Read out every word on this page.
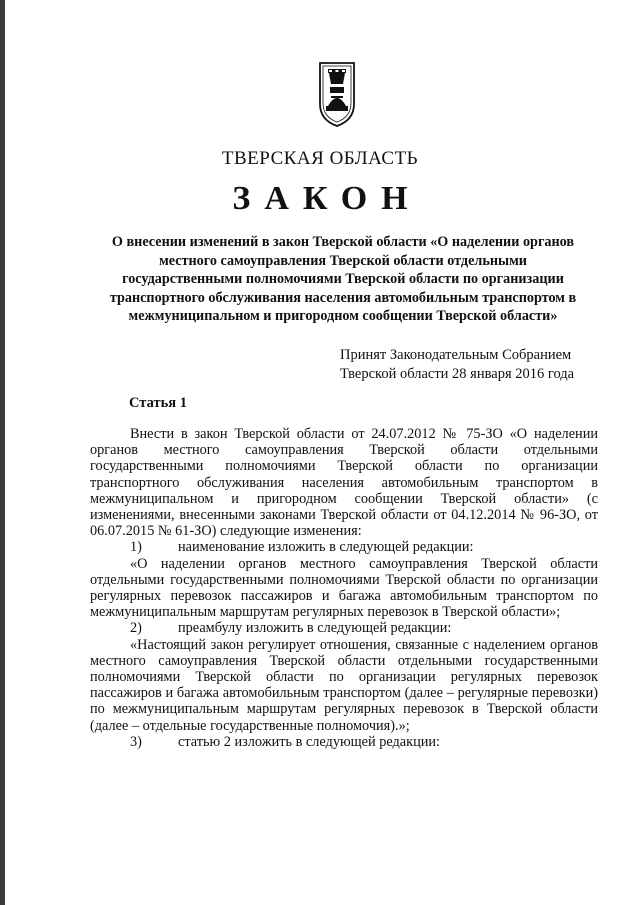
ТВЕРСКАЯ ОБЛАСТЬ
ЗАКОН
О внесении изменений в закон Тверской области «О наделении органов
местного самоуправления Тверской области отдельными
государственными полномочиями Тверской области по организации
транспортного обслуживания населения автомобильным транспортом в
межмуниципальном и пригородном сообщении Тверской области»
Принят Законодательным Собранием
Тверской области 28 января 2016 года
Статья 1

Внести в закон Тверской области от 24.07.2012 № 75-ЗО «О наделении органов местного самоуправления Тверской области отдельными государственными полномочиями Тверской области по организации транспортного обслуживания населения автомобильным транспортом в межмуниципальном и пригородном сообщении Тверской области» (с изменениями, внесенными законами Тверской области от 04.12.2014 № 96-ЗО, от 06.07.2015 № 61-ЗО) следующие изменения:

1)	наименование изложить в следующей редакции:

«О наделении органов местного самоуправления Тверской области отдельными государственными полномочиями Тверской области по организации регулярных перевозок пассажиров и багажа автомобильным транспортом по межмуниципальным маршрутам регулярных перевозок в Тверской области»;

2)	преамбулу изложить в следующей редакции:

«Настоящий закон регулирует отношения, связанные с наделением органов местного самоуправления Тверской области отдельными государственными полномочиями Тверской области по организации регулярных перевозок пассажиров и багажа автомобильным транспортом (далее – регулярные перевозки) по межмуниципальным маршрутам регулярных перевозок в Тверской области (далее – отдельные государственные полномочия).»;

3)	статью 2 изложить в следующей редакции:
